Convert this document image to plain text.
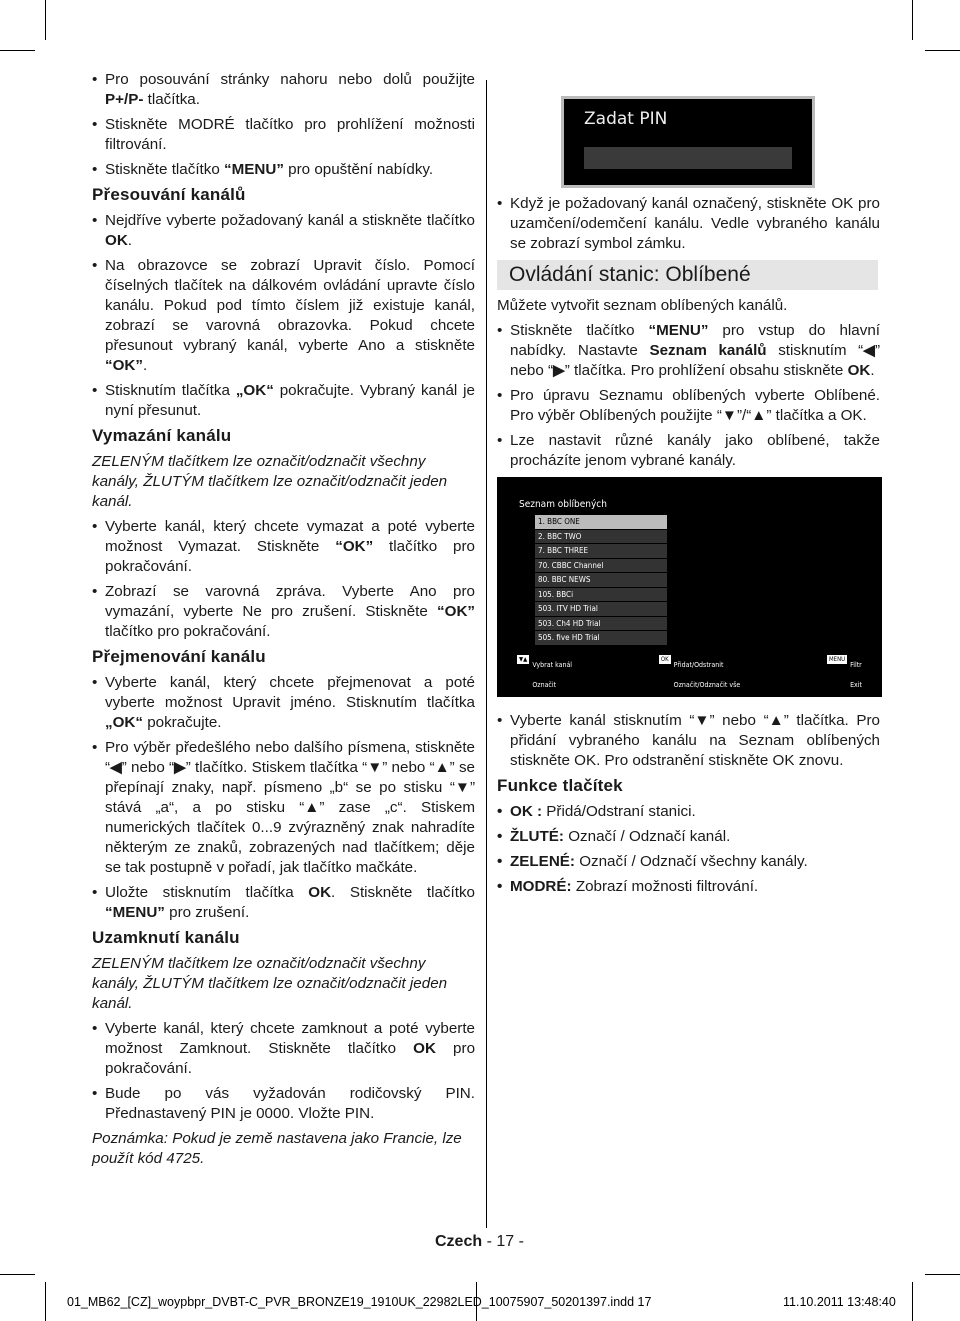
• Pro posouvání stránky nahoru nebo dolů použijte P+/P- tlačítka.
• Stiskněte MODRÉ tlačítko pro prohlížení možnosti filtrování.
• Stiskněte tlačítko “MENU” pro opuštění nabídky.
Přesouvání kanálů
• Nejdříve vyberte požadovaný kanál a stiskněte tlačítko OK.
• Na obrazovce se zobrazí Upravit číslo. Pomocí číselných tlačítek na dálkovém ovládání upravte číslo kanálu. Pokud pod tímto číslem již existuje kanál, zobrazí se varovná obrazovka. Pokud chcete přesunout vybraný kanál, vyberte Ano a stiskněte “OK”.
• Stisknutím tlačítka „OK“ pokračujte. Vybraný kanál je nyní přesunut.
Vymazání kanálu
ZELENÝM tlačítkem lze označit/odznačit všechny kanály, ŽLUTÝM tlačítkem lze označit/odznačit jeden kanál.
• Vyberte kanál, který chcete vymazat a poté vyberte možnost Vymazat. Stiskněte “OK” tlačítko pro pokračování.
• Zobrazí se varovná zpráva. Vyberte Ano pro vymazání, vyberte Ne pro zrušení. Stiskněte “OK” tlačítko pro pokračování.
Přejmenování kanálu
• Vyberte kanál, který chcete přejmenovat a poté vyberte možnost Upravit jméno. Stisknutím tlačítka „OK“ pokračujte.
• Pro výběr předešlého nebo dalšího písmena, stiskněte “◀” nebo “▶” tlačítko. Stiskem tlačítka “▼” nebo “▲” se přepínají znaky, např. písmeno „b“ se po stisku “▼” stává „a“, a po stisku “▲” zase „c“. Stiskem numerických tlačítek 0...9 zvýrazněný znak nahradíte některým ze znaků, zobrazených nad tlačítkem; děje se tak postupně v pořadí, jak tlačítko mačkáte.
• Uložte stisknutím tlačítka OK. Stiskněte tlačítko “MENU” pro zrušení.
Uzamknutí kanálu
ZELENÝM tlačítkem lze označit/odznačit všechny kanály, ŽLUTÝM tlačítkem lze označit/odznačit jeden kanál.
• Vyberte kanál, který chcete zamknout a poté vyberte možnost Zamknout. Stiskněte tlačítko OK pro pokračování.
• Bude po vás vyžadován rodičovský PIN. Přednastavený PIN je 0000. Vložte PIN.
Poznámka: Pokud je země nastavena jako Francie, lze použít kód 4725.
Zadat PIN
• Když je požadovaný kanál označený, stiskněte OK pro uzamčení/odemčení kanálu. Vedle vybraného kanálu se zobrazí symbol zámku.
Ovládání stanic: Oblíbené
Můžete vytvořit seznam oblíbených kanálů.
• Stiskněte tlačítko “MENU” pro vstup do hlavní nabídky. Nastavte Seznam kanálů stisknutím “◀” nebo “▶” tlačítka. Pro prohlížení obsahu stiskněte OK.
• Pro úpravu Seznamu oblíbených vyberte Oblíbené. Pro výběr Oblíbených použijte “▼”/“▲” tlačítka a OK.
• Lze nastavit různé kanály jako oblíbené, takže procházíte jenom vybrané kanály.
Seznam oblíbených
1. BBC ONE
2. BBC TWO
7. BBC THREE
70. CBBC Channel
80. BBC NEWS
105. BBCi
503. ITV HD Trial
503. Ch4 HD Trial
505. five HD Trial
▼▲
Vybrat kanál
Označit
OK
Přidat/Odstranit
Označit/Odznačit vše
MENU
Filtr
Exit
• Vyberte kanál stisknutím “▼” nebo “▲” tlačítka. Pro přidání vybraného kanálu na Seznam oblíbených stiskněte OK. Pro odstranění stiskněte OK znovu.
Funkce tlačítek
• OK : Přidá/Odstraní stanici.
• ŽLUTÉ: Označí / Odznačí kanál.
• ZELENÉ: Označí / Odznačí všechny kanály.
• MODRÉ: Zobrazí možnosti filtrování.
Czech - 17 -
01_MB62_[CZ]_woypbpr_DVBT-C_PVR_BRONZE19_1910UK_22982LED_10075907_50201397.indd 17	11.10.2011 13:48:40
